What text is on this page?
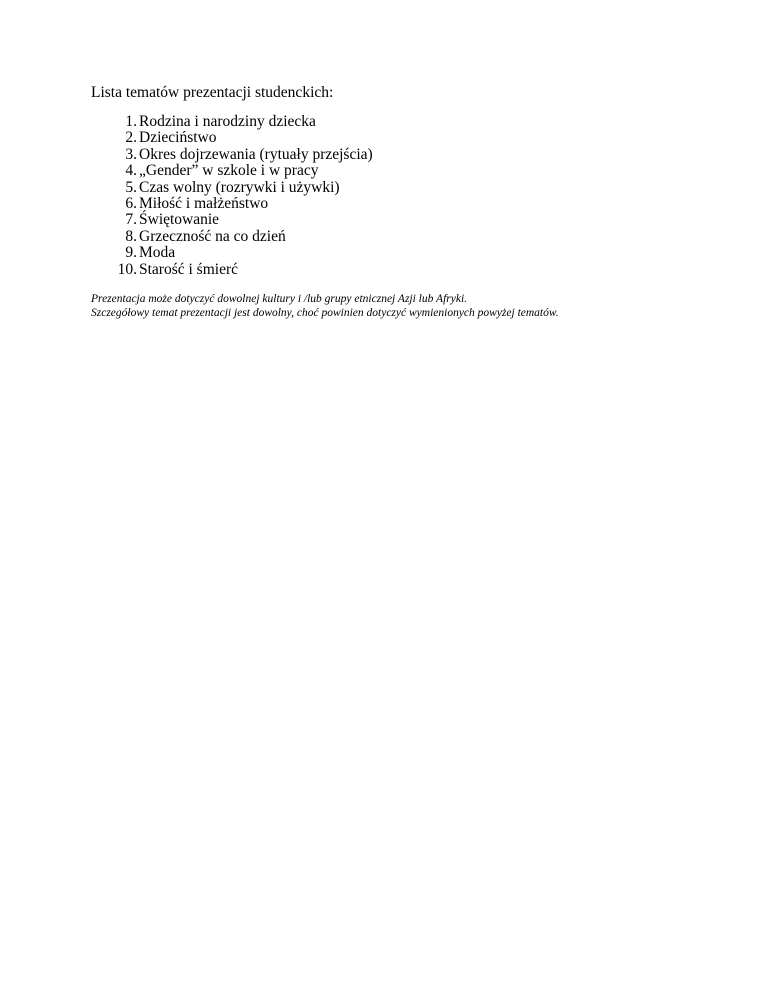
Lista tematów prezentacji studenckich:
1. Rodzina i narodziny dziecka
2. Dzieciństwo
3. Okres dojrzewania (rytuały przejścia)
4. „Gender” w szkole i w pracy
5. Czas wolny (rozrywki i używki)
6. Miłość i małżeństwo
7. Świętowanie
8. Grzeczność na co dzień
9. Moda
10. Starość i śmierć
Prezentacja może dotyczyć dowolnej kultury i /lub grupy etnicznej Azji lub Afryki.
Szczegółowy temat prezentacji jest dowolny, choć powinien dotyczyć wymienionych powyżej tematów.
